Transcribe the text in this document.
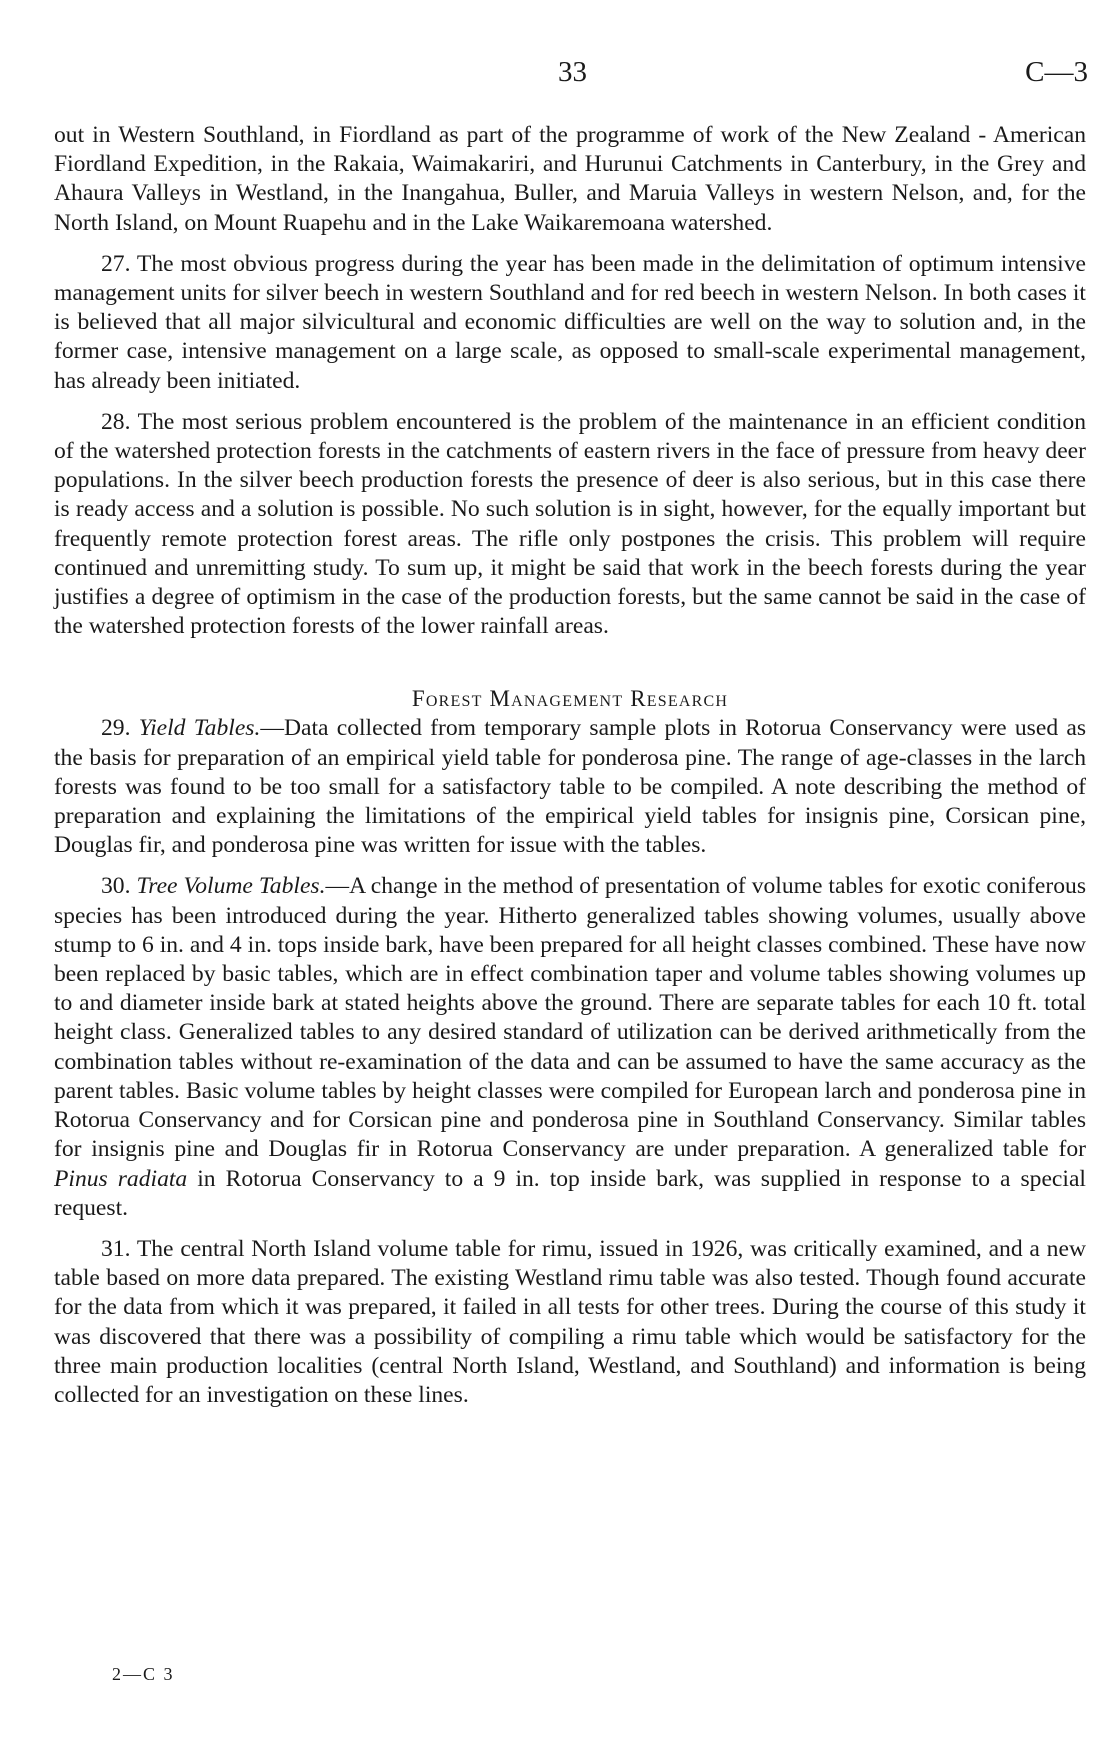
33	C—3

out in Western Southland, in Fiordland as part of the programme of work of the New Zealand - American Fiordland Expedition, in the Rakaia, Waimakariri, and Hurunui Catchments in Canterbury, in the Grey and Ahaura Valleys in Westland, in the Inangahua, Buller, and Maruia Valleys in western Nelson, and, for the North Island, on Mount Ruapehu and in the Lake Waikaremoana watershed.

27. The most obvious progress during the year has been made in the delimitation of optimum intensive management units for silver beech in western Southland and for red beech in western Nelson. In both cases it is believed that all major silvicultural and economic difficulties are well on the way to solution and, in the former case, intensive management on a large scale, as opposed to small-scale experimental management, has already been initiated.

28. The most serious problem encountered is the problem of the maintenance in an efficient condition of the watershed protection forests in the catchments of eastern rivers in the face of pressure from heavy deer populations. In the silver beech production forests the presence of deer is also serious, but in this case there is ready access and a solution is possible. No such solution is in sight, however, for the equally important but frequently remote protection forest areas. The rifle only postpones the crisis. This problem will require continued and unremitting study. To sum up, it might be said that work in the beech forests during the year justifies a degree of optimism in the case of the production forests, but the same cannot be said in the case of the watershed protection forests of the lower rainfall areas.

Forest Management Research

29. Yield Tables.—Data collected from temporary sample plots in Rotorua Conservancy were used as the basis for preparation of an empirical yield table for ponderosa pine. The range of age-classes in the larch forests was found to be too small for a satisfactory table to be compiled. A note describing the method of preparation and explaining the limitations of the empirical yield tables for insignis pine, Corsican pine, Douglas fir, and ponderosa pine was written for issue with the tables.

30. Tree Volume Tables.—A change in the method of presentation of volume tables for exotic coniferous species has been introduced during the year. Hitherto generalized tables showing volumes, usually above stump to 6 in. and 4 in. tops inside bark, have been prepared for all height classes combined. These have now been replaced by basic tables, which are in effect combination taper and volume tables showing volumes up to and diameter inside bark at stated heights above the ground. There are separate tables for each 10 ft. total height class. Generalized tables to any desired standard of utilization can be derived arithmetically from the combination tables without re-examination of the data and can be assumed to have the same accuracy as the parent tables. Basic volume tables by height classes were compiled for European larch and ponderosa pine in Rotorua Conservancy and for Corsican pine and ponderosa pine in Southland Conservancy. Similar tables for insignis pine and Douglas fir in Rotorua Conservancy are under preparation. A generalized table for Pinus radiata in Rotorua Conservancy to a 9 in. top inside bark, was supplied in response to a special request.

31. The central North Island volume table for rimu, issued in 1926, was critically examined, and a new table based on more data prepared. The existing Westland rimu table was also tested. Though found accurate for the data from which it was prepared, it failed in all tests for other trees. During the course of this study it was discovered that there was a possibility of compiling a rimu table which would be satisfactory for the three main production localities (central North Island, Westland, and Southland) and information is being collected for an investigation on these lines.

2—C 3
